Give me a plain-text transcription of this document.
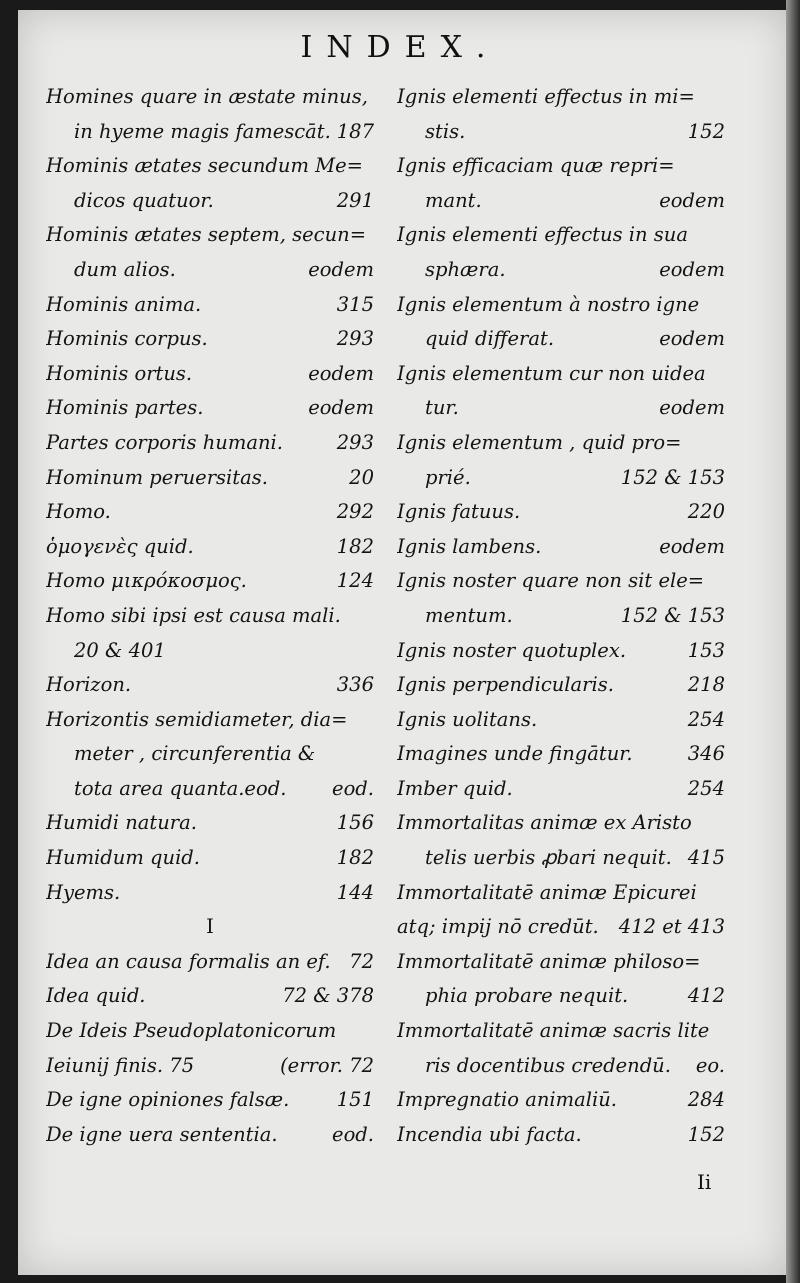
INDEX.
Homines quare in æstate minus,
in hyeme magis famescāt. 187
Hominis ætates secundum Me=
dicos quatuor.	291
Hominis ætates septem, secun=
dum alios.	eodem
Hominis anima.	315
Hominis corpus.	293
Hominis ortus.	eodem
Hominis partes.	eodem
Partes corporis humani.	293
Hominum peruersitas.	20
Homo.	292
ὁμογενὲς quid.	182
Homo μικρόκοσμος.	124
Homo sibi ipsi est causa mali.
20 & 401
Horizon.	336
Horizontis semidiameter, dia=
meter , circunferentia &
tota area quanta.eod. eod.
Humidi natura.	156
Humidum quid.	182
Hyems.	144
I
Idea an causa formalis an ef. 72
Idea quid.	72 & 378
De Ideis Pseudoplatonicorum
Ieiunij finis. 75	(error. 72
De igne opiniones falsæ. 151
De igne uera sententia.	eod.
Ignis elementi effectus in mi=
stis.	152
Ignis efficaciam quæ repri=
mant.	eodem
Ignis elementi effectus in sua
sphæra.	eodem
Ignis elementum à nostro igne
quid differat.	eodem
Ignis elementum cur non uidea
tur.	eodem
Ignis elementum , quid pro=
prié.	152 & 153
Ignis fatuus.	220
Ignis lambens.	eodem
Ignis noster quare non sit ele=
mentum.	152 & 153
Ignis noster quotuplex.	153
Ignis perpendicularis.	218
Ignis uolitans.	254
Imagines unde fingātur.	346
Imber quid.	254
Immortalitas animæ ex Aristo
telis uerbis ꝓbari nequit. 415
Immortalitatē animæ Epicurei
atq; impij nō credūt. 412 et 413
Immortalitatē animæ philoso=
phia probare nequit.	412
Immortalitatē animæ sacris lite
ris docentibus credendū. eo.
Impregnatio animaliū.	284
Incendia ubi facta.	152
Ii
